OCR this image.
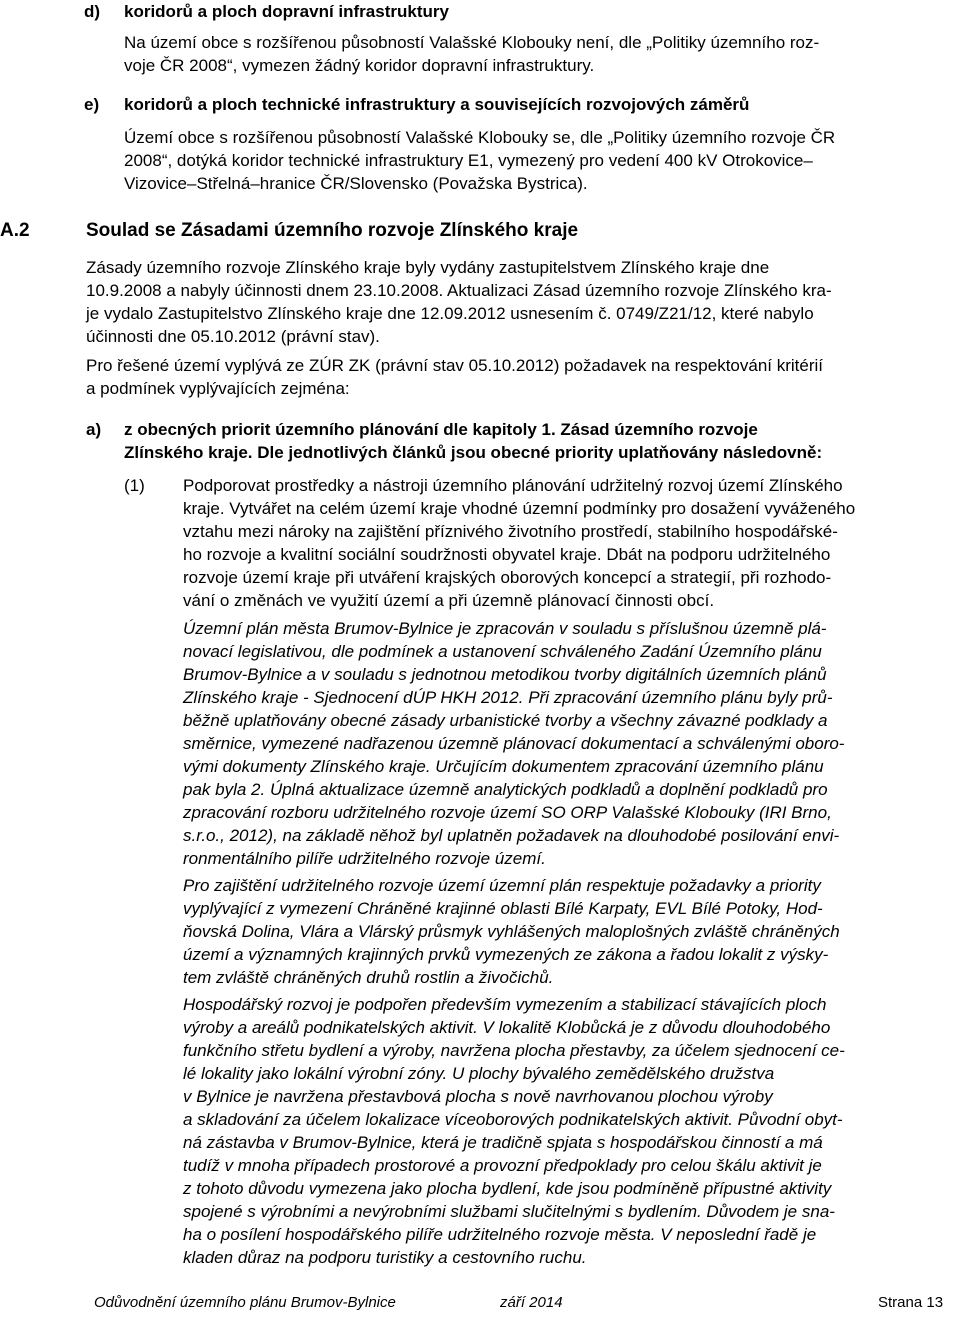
d) koridorů a ploch dopravní infrastruktury

Na území obce s rozšířenou působností Valašské Klobouky není, dle „Politiky územního roz-
voje ČR 2008“, vymezen žádný koridor dopravní infrastruktury.

e) koridorů a ploch technické infrastruktury a souvisejících rozvojových záměrů

Území obce s rozšířenou působností Valašské Klobouky se, dle „Politiky územního rozvoje ČR
2008“, dotýká koridor technické infrastruktury E1, vymezený pro vedení 400 kV Otrokovice–
Vizovice–Střelná–hranice ČR/Slovensko (Považska Bystrica).

A.2	Soulad se Zásadami územního rozvoje Zlínského kraje

Zásady územního rozvoje Zlínského kraje byly vydány zastupitelstvem Zlínského kraje dne
10.9.2008 a nabyly účinnosti dnem 23.10.2008. Aktualizaci Zásad územního rozvoje Zlínského kra-
je vydalo Zastupitelstvo Zlínského kraje dne 12.09.2012 usnesením č. 0749/Z21/12, které nabylo
účinnosti dne 05.10.2012 (právní stav).

Pro řešené území vyplývá ze ZÚR ZK (právní stav 05.10.2012) požadavek na respektování kritérií
a podmínek vyplývajících zejména:

a) z obecných priorit územního plánování dle kapitoly 1. Zásad územního rozvoje
Zlínského kraje. Dle jednotlivých článků jsou obecné priority uplatňovány následovně:

(1) Podporovat prostředky a nástroji územního plánování udržitelný rozvoj území Zlínského
kraje. Vytvářet na celém území kraje vhodné územní podmínky pro dosažení vyváženého
vztahu mezi nároky na zajištění příznivého životního prostředí, stabilního hospodářské-
ho rozvoje a kvalitní sociální soudržnosti obyvatel kraje. Dbát na podporu udržitelného
rozvoje území kraje při utváření krajských oborových koncepcí a strategií, při rozhodo-
vání o změnách ve využití území a při územně plánovací činnosti obcí.

Územní plán města Brumov-Bylnice je zpracován v souladu s příslušnou územně plá-
novací legislativou, dle podmínek a ustanovení schváleného Zadání Územního plánu
Brumov-Bylnice a v souladu s jednotnou metodikou tvorby digitálních územních plánů
Zlínského kraje - Sjednocení dÚP HKH 2012. Při zpracování územního plánu byly prů-
běžně uplatňovány obecné zásady urbanistické tvorby a všechny závazné podklady a
směrnice, vymezené nadřazenou územně plánovací dokumentací a schválenými oboro-
vými dokumenty Zlínského kraje. Určujícím dokumentem zpracování územního plánu
pak byla 2. Úplná aktualizace územně analytických podkladů a doplnění podkladů pro
zpracování rozboru udržitelného rozvoje území SO ORP Valašské Klobouky (IRI Brno,
s.r.o., 2012), na základě něhož byl uplatněn požadavek na dlouhodobé posilování envi-
ronmentálního pilíře udržitelného rozvoje území.

Pro zajištění udržitelného rozvoje území územní plán respektuje požadavky a priority
vyplývající z vymezení Chráněné krajinné oblasti Bílé Karpaty, EVL Bílé Potoky, Hod-
ňovská Dolina, Vlára a Vlárský průsmyk vyhlášených maloplošných zvláště chráněných
území a významných krajinných prvků vymezených ze zákona a řadou lokalit z výsky-
tem zvláště chráněných druhů rostlin a živočichů.

Hospodářský rozvoj je podpořen především vymezením a stabilizací stávajících ploch
výroby a areálů podnikatelských aktivit. V lokalitě Klobůcká je z důvodu dlouhodobého
funkčního střetu bydlení a výroby, navržena plocha přestavby, za účelem sjednocení ce-
lé lokality jako lokální výrobní zóny. U plochy bývalého zemědělského družstva
v Bylnice je navržena přestavbová plocha s nově navrhovanou plochou výroby
a skladování za účelem lokalizace víceoborových podnikatelských aktivit. Původní obyt-
ná zástavba v Brumov-Bylnice, která je tradičně spjata s hospodářskou činností a má
tudíž v mnoha případech prostorové a provozní předpoklady pro celou škálu aktivit je
z tohoto důvodu vymezena jako plocha bydlení, kde jsou podmíněně přípustné aktivity
spojené s výrobními a nevýrobními službami slučitelnými s bydlením. Důvodem je sna-
ha o posílení hospodářského pilíře udržitelného rozvoje města. V neposlední řadě je
kladen důraz na podporu turistiky a cestovního ruchu.

Odůvodnění územního plánu Brumov-Bylnice	září 2014	Strana 13
